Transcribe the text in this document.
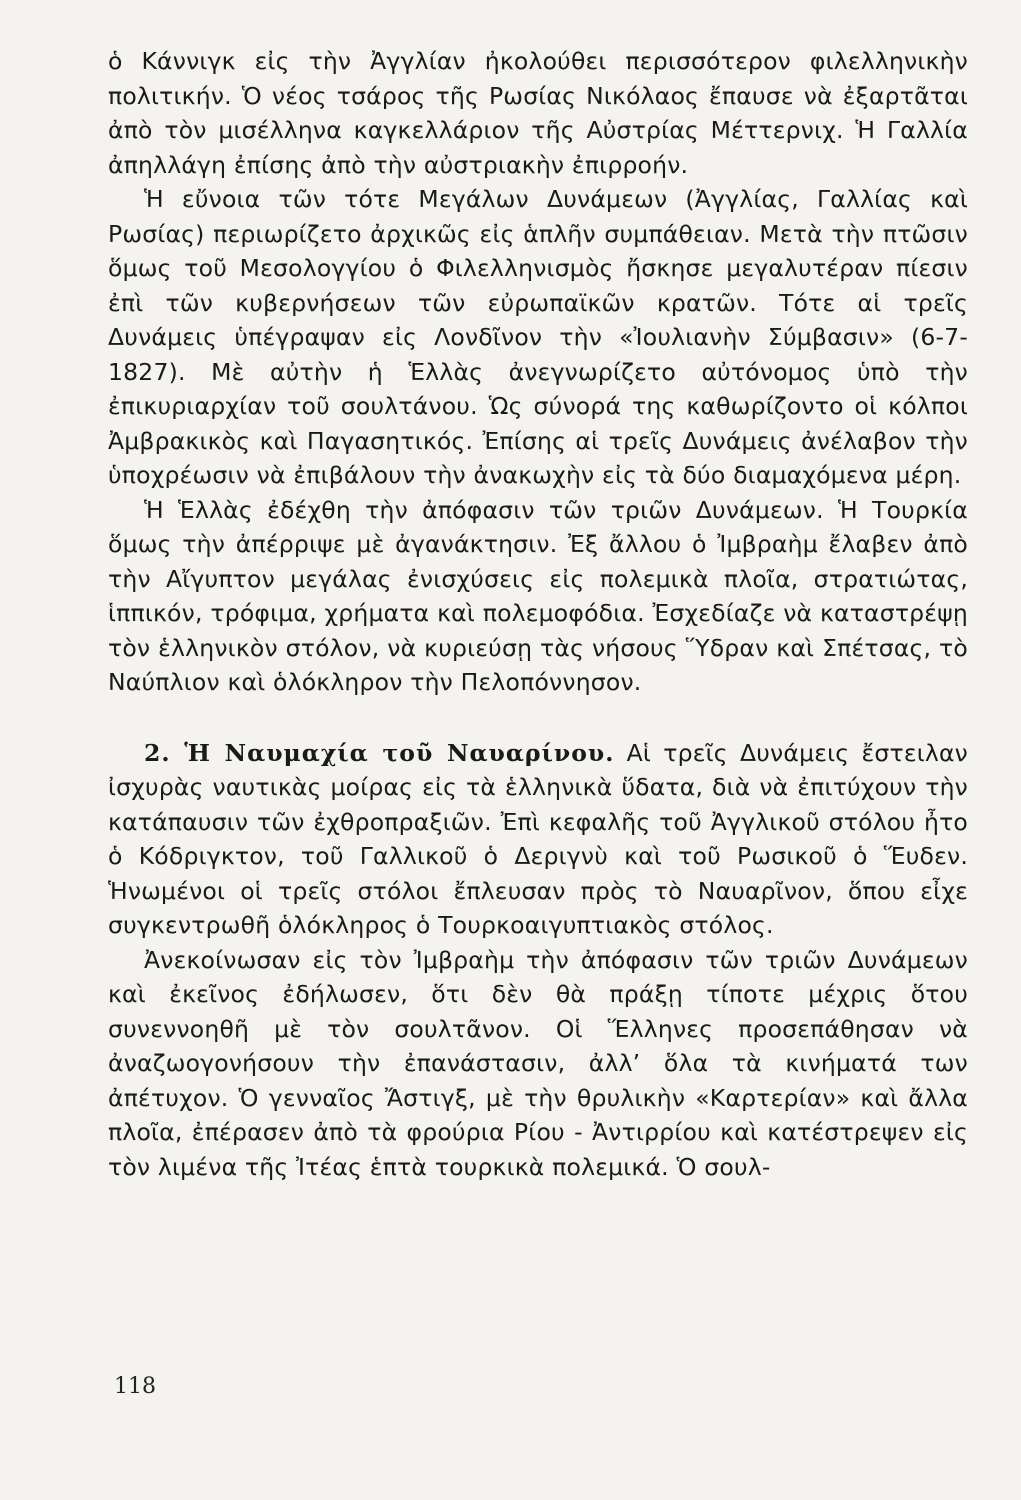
ὁ Κάννιγκ εἰς τὴν Ἀγγλίαν ἠκολούθει περισσότερον φιλελληνικὴν πολιτικήν. Ὁ νέος τσάρος τῆς Ρωσίας Νικόλαος ἔπαυσε νὰ ἐξαρτᾶται ἀπὸ τὸν μισέλληνα καγκελλάριον τῆς Αὐστρίας Μέττερνιχ. Ἡ Γαλλία ἀπηλλάγη ἐπίσης ἀπὸ τὴν αὐστριακὴν ἐπιρροήν.

Ἡ εὔνοια τῶν τότε Μεγάλων Δυνάμεων (Ἀγγλίας, Γαλλίας καὶ Ρωσίας) περιωρίζετο ἀρχικῶς εἰς ἁπλῆν συμπάθειαν. Μετὰ τὴν πτῶσιν ὅμως τοῦ Μεσολογγίου ὁ Φιλελληνισμὸς ἤσκησε μεγαλυτέραν πίεσιν ἐπὶ τῶν κυβερνήσεων τῶν εὐρωπαϊκῶν κρατῶν. Τότε αἱ τρεῖς Δυνάμεις ὑπέγραψαν εἰς Λονδῖνον τὴν «Ἰουλιανὴν Σύμβασιν» (6-7-1827). Μὲ αὐτὴν ἡ Ἑλλὰς ἀνεγνωρίζετο αὐτόνομος ὑπὸ τὴν ἐπικυριαρχίαν τοῦ σουλτάνου. Ὡς σύνορά της καθωρίζοντο οἱ κόλποι Ἀμβρακικὸς καὶ Παγασητικός. Ἐπίσης αἱ τρεῖς Δυνάμεις ἀνέλαβον τὴν ὑποχρέωσιν νὰ ἐπιβάλουν τὴν ἀνακωχὴν εἰς τὰ δύο διαμαχόμενα μέρη.

Ἡ Ἑλλὰς ἐδέχθη τὴν ἀπόφασιν τῶν τριῶν Δυνάμεων. Ἡ Τουρκία ὅμως τὴν ἀπέρριψε μὲ ἀγανάκτησιν. Ἐξ ἄλλου ὁ Ἰμβραὴμ ἔλαβεν ἀπὸ τὴν Αἴγυπτον μεγάλας ἐνισχύσεις εἰς πολεμικὰ πλοῖα, στρατιώτας, ἱππικόν, τρόφιμα, χρήματα καὶ πολεμοφόδια. Ἐσχεδίαζε νὰ καταστρέψῃ τὸν ἑλληνικὸν στόλον, νὰ κυριεύσῃ τὰς νήσους Ὕδραν καὶ Σπέτσας, τὸ Ναύπλιον καὶ ὁλόκληρον τὴν Πελοπόννησον.

2. Ἡ Ναυμαχία τοῦ Ναυαρίνου. Αἱ τρεῖς Δυνάμεις ἔστειλαν ἰσχυρὰς ναυτικὰς μοίρας εἰς τὰ ἑλληνικὰ ὕδατα, διὰ νὰ ἐπιτύχουν τὴν κατάπαυσιν τῶν ἐχθροπραξιῶν. Ἐπὶ κεφαλῆς τοῦ Ἀγγλικοῦ στόλου ἦτο ὁ Κόδριγκτον, τοῦ Γαλλικοῦ ὁ Δεριγνὺ καὶ τοῦ Ρωσικοῦ ὁ Ἕυδεν. Ἡνωμένοι οἱ τρεῖς στόλοι ἔπλευσαν πρὸς τὸ Ναυαρῖνον, ὅπου εἶχε συγκεντρωθῆ ὁλόκληρος ὁ Τουρκοαιγυπτιακὸς στόλος.

Ἀνεκοίνωσαν εἰς τὸν Ἰμβραὴμ τὴν ἀπόφασιν τῶν τριῶν Δυνάμεων καὶ ἐκεῖνος ἐδήλωσεν, ὅτι δὲν θὰ πράξῃ τίποτε μέχρις ὅτου συνεννοηθῆ μὲ τὸν σουλτᾶνον. Οἱ Ἕλληνες προσεπάθησαν νὰ ἀναζωογονήσουν τὴν ἐπανάστασιν, ἀλλ’ ὅλα τὰ κινήματά των ἀπέτυχον. Ὁ γενναῖος Ἄστιγξ, μὲ τὴν θρυλικὴν «Καρτερίαν» καὶ ἄλλα πλοῖα, ἐπέρασεν ἀπὸ τὰ φρούρια Ρίου - Ἀντιρρίου καὶ κατέστρεψεν εἰς τὸν λιμένα τῆς Ἰτέας ἑπτὰ τουρκικὰ πολεμικά. Ὁ σουλ-

118
